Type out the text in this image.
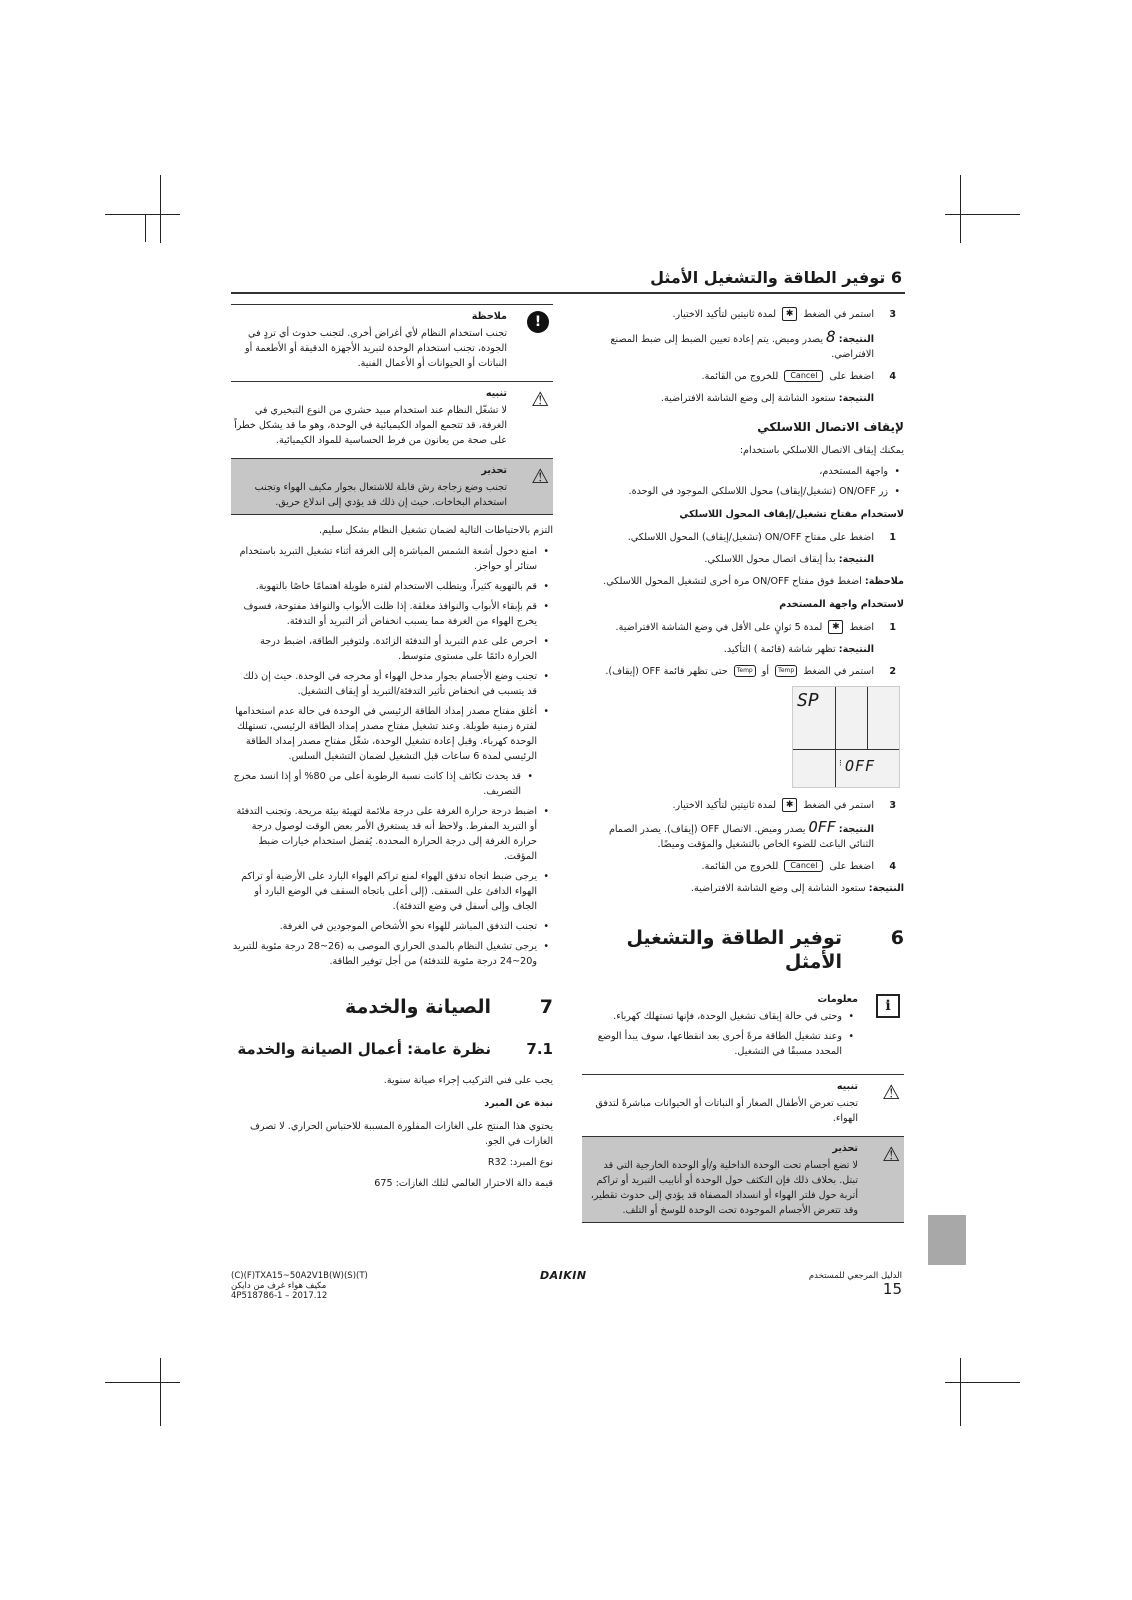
6 توفير الطاقة والتشغيل الأمثل
3
استمر في الضغط ✱ لمدة ثانيتين لتأكيد الاختيار.
النتيجة: 8 يصدر وميض. يتم إعادة تعيين الضبط إلى ضبط المصنع الافتراضي.
4
اضغط على Cancel للخروج من القائمة.
النتيجة: ستعود الشاشة إلى وضع الشاشة الافتراضية.
لإيقاف الاتصال اللاسلكي
يمكنك إيقاف الاتصال اللاسلكي باستخدام:
• واجهة المستخدم،
• زر ON/OFF (تشغيل/إيقاف) محول اللاسلكي الموجود في الوحدة.
لاستخدام مفتاح تشغيل/إيقاف المحول اللاسلكي
1
اضغط على مفتاح ON/OFF (تشغيل/إيقاف) المحول اللاسلكي.
النتيجة: بدأ إيقاف اتصال محول اللاسلكي.
ملاحظة: اضغط فوق مفتاح ON/OFF مرة أخرى لتشغيل المحول اللاسلكي.
لاستخدام واجهة المستخدم
1
اضغط ✱ لمدة 5 ثوانٍ على الأقل في وضع الشاشة الافتراضية.
النتيجة: تظهر شاشة (قائمة ) التأكيد.
2
استمر في الضغط Temp أو Temp حتى تظهر قائمة OFF (إيقاف).
SP
OFF
⁝
3
استمر في الضغط ✱ لمدة ثانيتين لتأكيد الاختيار.
النتيجة: OFF يصدر وميض. الاتصال OFF (إيقاف). يصدر الصمام الثنائي الباعث للضوء الخاص بالتشغيل والمؤقت وميضًا.
4
اضغط على Cancel للخروج من القائمة.
النتيجة: ستعود الشاشة إلى وضع الشاشة الافتراضية.
6
توفير الطاقة والتشغيل الأمثل
i
معلومات
• وحتى في حالة إيقاف تشغيل الوحدة، فإنها تستهلك كهرباء.
• وعند تشغيل الطاقة مرةً أخرى بعد انقطاعها، سوف يبدأ الوضع المحدد مسبقًا في التشغيل.
⚠
تنبيه
تجنب تعرض الأطفال الصغار أو النباتات أو الحيوانات مباشرةً لتدفق الهواء.
⚠
تحذير
لا تضع أجسام تحت الوحدة الداخلية و/أو الوحدة الخارجية التي قد تبتل. بخلاف ذلك فإن التكثف حول الوحدة أو أنابيب التبريد أو تراكم أتربة حول فلتر الهواء أو انسداد المصفاة قد يؤدي إلى حدوث تقطير، وقد تتعرض الأجسام الموجودة تحت الوحدة للوسخ أو التلف.
!
ملاحظة
تجنب استخدام النظام لأي أغراض أخرى. لتجنب حدوث أي تردٍ في الجودة، تجنب استخدام الوحدة لتبريد الأجهزة الدقيقة أو الأطعمة أو النباتات أو الحيوانات أو الأعمال الفنية.
⚠
تنبيه
لا تشغّل النظام عند استخدام مبيد حشري من النوع التبخيري في الغرفة، قد تتجمع المواد الكيميائية في الوحدة، وهو ما قد يشكل خطراً على صحة من يعانون من فرط الحساسية للمواد الكيميائية.
⚠
تحذير
تجنب وضع زجاجة رش قابلة للاشتعال بجوار مكيف الهواء وتجنب استخدام البخاخات. حيث إن ذلك قد يؤدي إلى اندلاع حريق.
التزم بالاحتياطات التالية لضمان تشغيل النظام بشكل سليم.
• امنع دخول أشعة الشمس المباشرة إلى الغرفة أثناء تشغيل التبريد باستخدام ستائر أو حواجز.
• قم بالتهوية كثيراً، ويتطلب الاستخدام لفترة طويلة اهتمامًا خاصًا بالتهوية.
• قم بإبقاء الأبواب والنوافذ مغلقة. إذا ظلت الأبواب والنوافذ مفتوحة، فسوف يخرج الهواء من الغرفة مما يسبب انخفاض أثر التبريد أو التدفئة.
• احرص على عدم التبريد أو التدفئة الزائدة. ولتوفير الطاقة، اضبط درجة الحرارة دائمًا على مستوى متوسط.
• تجنب وضع الأجسام بجوار مدخل الهواء أو مخرجه في الوحدة. حيث إن ذلك قد يتسبب في انخفاض تأثير التدفئة/التبريد أو إيقاف التشغيل.
• أغلق مفتاح مصدر إمداد الطاقة الرئيسي في الوحدة في حالة عدم استخدامها لفترة زمنية طويلة. وعند تشغيل مفتاح مصدر إمداد الطاقة الرئيسي، تستهلك الوحدة كهرباء. وقبل إعادة تشغيل الوحدة، شغّل مفتاح مصدر إمداد الطاقة الرئيسي لمدة 6 ساعات قبل التشغيل لضمان التشغيل السلس.
• قد يحدث تكاثف إذا كانت نسبة الرطوبة أعلى من 80% أو إذا انسد مخرج التصريف.
• اضبط درجة حرارة الغرفة على درجة ملائمة لتهيئة بيئة مريحة. وتجنب التدفئة أو التبريد المفرط. ولاحظ أنه قد يستغرق الأمر بعض الوقت لوصول درجة حرارة الغرفة إلى درجة الحرارة المحددة. يُفضل استخدام خيارات ضبط المؤقت.
• يرجى ضبط اتجاه تدفق الهواء لمنع تراكم الهواء البارد على الأرضية أو تراكم الهواء الدافئ على السقف. (إلى أعلى باتجاه السقف في الوضع البارد أو الجاف وإلى أسفل في وضع التدفئة).
• تجنب التدفق المباشر للهواء نحو الأشخاص الموجودين في الغرفة.
• يرجى تشغيل النظام بالمدى الحراري الموصى به (26~28 درجة مئوية للتبريد و20~24 درجة مئوية للتدفئة) من أجل توفير الطاقة.
7
الصيانة والخدمة
7.1
نظرة عامة: أعمال الصيانة والخدمة
يجب على فني التركيب إجراء صيانة سنوية.
نبذة عن المبرد
يحتوي هذا المنتج على الغازات المفلورة المسببة للاحتباس الحراري. لا تصرف الغازات في الجو.
نوع المبرد: R32
قيمة دالة الاحترار العالمي لتلك الغازات: 675
(C)(F)TXA15~50A2V1B(W)(S)(T)
مكيف هواء غرف من دايكن
4P518786-1 – 2017.12
DAIKIN	الدليل المرجعي للمستخدم
15
